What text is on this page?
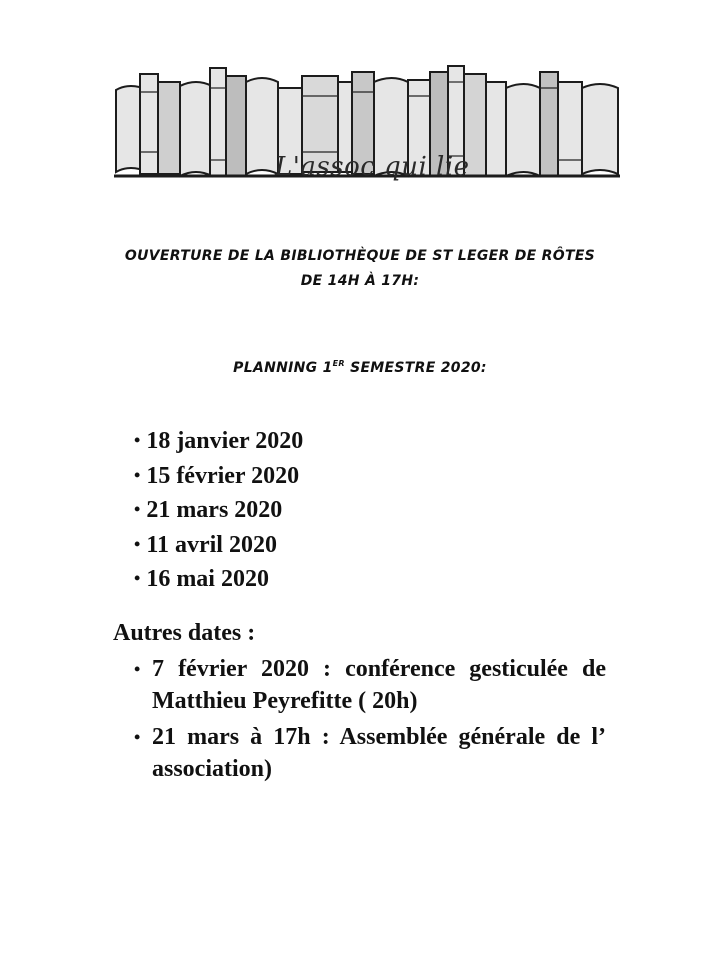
L'assoc qui lie
OUVERTURE DE LA BIBLIOTHÈQUE DE ST LEGER DE RÔTES
DE 14H À 17H:
PLANNING 1ER SEMESTRE 2020:
• 18 janvier 2020
• 15 février 2020
• 21 mars 2020
• 11 avril 2020
• 16 mai 2020
Autres dates :
• 7 février 2020 : conférence gesticulée de Matthieu Peyrefitte ( 20h)
• 21 mars à 17h : Assemblée générale de l’ association)
